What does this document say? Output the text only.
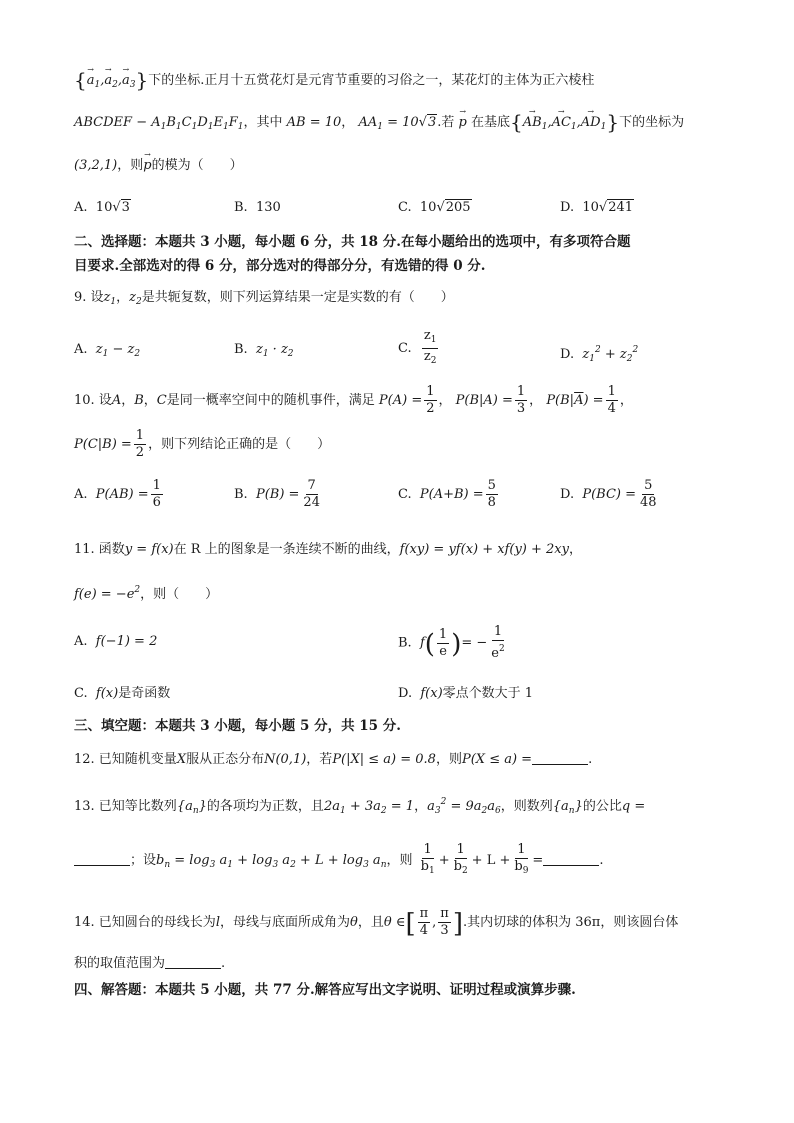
{→ $a_1,\to a_2,\to a_3$}下的坐标.正月十五赏花灯是元宵节重要的习俗之一，某花灯的主体为正六棱柱
ABCDEF − $A_1B_1C_1D_1E_1F_1$，其中 AB = 10， $AA_1 = 10√3$.若 → p 在基底{→ $AB_1,\to AC_1,\to AD_1$}下的坐标为
(3,2,1)，则→ p的模为（　　）
A. 10√3	B. 130	C. 10√205	D. 10√241
二、选择题：本题共 3 小题，每小题 6 分，共 18 分.在每小题给出的选项中，有多项符合题
目要求.全部选对的得 6 分，部分选对的得部分分，有选错的得 0 分.
9. 设$z_1$，$z_2$是共轭复数，则下列运算结果一定是实数的有（　　）
A. $z_1 - z_2$	B. $z_1 \cdot z_2$	C. $\frac{z_1}{z_2}$	D. $z_1^2 + z_2^2$
10. 设A，B，C是同一概率空间中的随机事件，满足 $P(A) = \frac{1}{2}$ ， $P(B|A) = \frac{1}{3}$ ， $P(B|\overline{A}) = \frac{1}{4}$ ，
$P(C|B) = \frac{1}{2}$ ，则下列结论正确的是（　　）
A. $P(AB) = \frac{1}{6}$	B. $P(B) = \frac{7}{24}$	C. $P(A+B) = \frac{5}{8}$	D. $P(BC) = \frac{5}{48}$
11. 函数y = f(x)在 R 上的图象是一条连续不断的曲线，f(xy) = yf(x) + xf(y) + 2xy，
$f(e) = -e^2$，则（　　）
A. f(−1) = 2	B. $f( \frac{1}{e}$ )= − $\frac{1}{e^2}$
C. f(x)是奇函数	D. f(x)零点个数大于 1
三、填空题：本题共 3 小题，每小题 5 分，共 15 分.
12. 已知随机变量X服从正态分布N(0,1)，若P(|X| ≤ a) = 0.8，则P(X ≤ a) =	.
13. 已知等比数列$\{a_n\}$的各项均为正数，且$2a_1 + 3a_2 = 1$，$a_3^2 = 9a_2a_6$，则数列$\{a_n\}$的公比q =
；设$b_n = \log_3 a_1 + \log_3 a_2 + L + \log_3 a_n$，则 $\frac{1}{b_1} + \frac{1}{b_2} + L + \frac{1}{b_9}$ =	.
14. 已知圆台的母线长为l，母线与底面所成角为θ，且θ ∈[ $\frac{\pi}{4}$ , $\frac{\pi}{3}$ ].其内切球的体积为 36π，则该圆台体
积的取值范围为	.
四、解答题：本题共 5 小题，共 77 分.解答应写出文字说明、证明过程或演算步骤.
